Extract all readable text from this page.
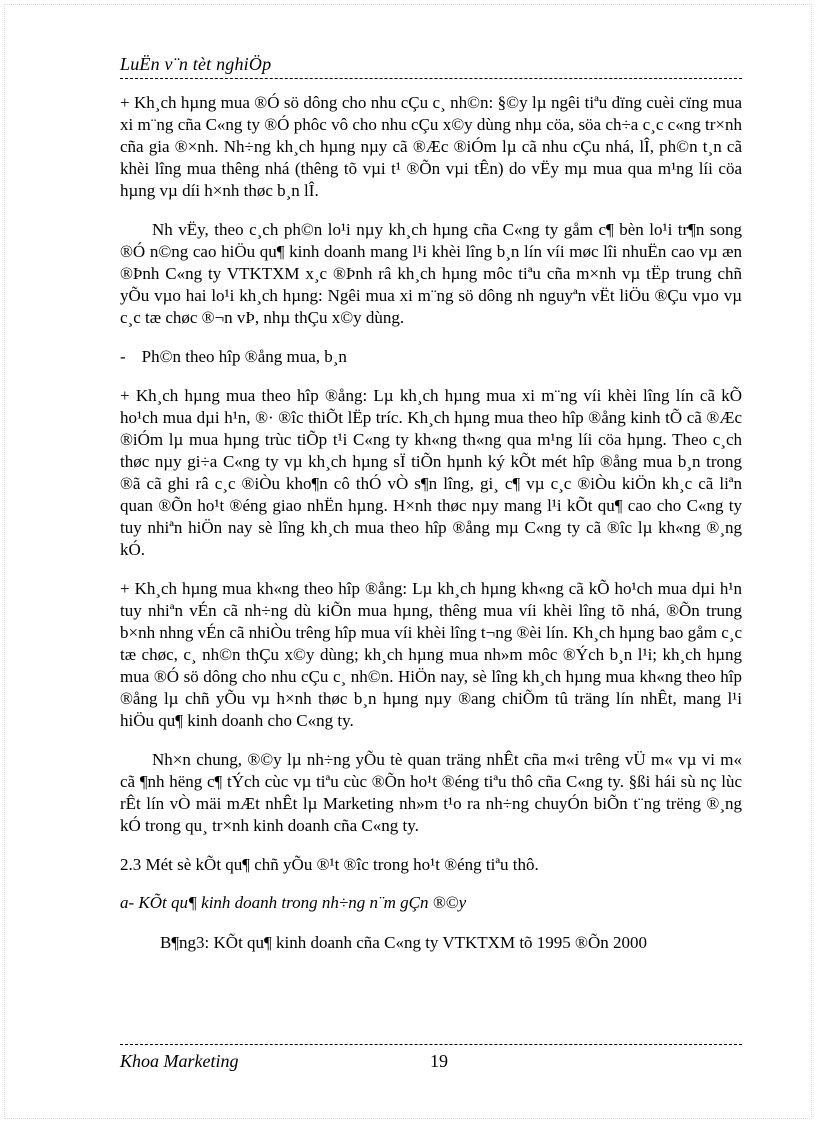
LuËn v¨n tèt nghiÖp

+ Kh¸ch hµng mua ®Ó sö dông cho nhu cÇu c¸ nh©n: §©y lµ ngêi tiªu dïng cuèi cïng mua xi m¨ng cña C«ng ty ®Ó phôc vô cho nhu cÇu x©y dùng nhµ cöa, söa ch÷a c¸c c«ng tr×nh cña gia ®×nh. Nh÷ng kh¸ch hµng nµy cã ®Æc ®iÓm lµ cã nhu cÇu nhá, lÎ, ph©n t¸n cã khèi lîng mua thêng nhá (thêng tõ vµi t¹ ®Õn vµi tÊn) do vËy mµ mua qua m¹ng líi cöa hµng vµ díi h×nh thøc b¸n lÎ.

Nh vËy, theo c¸ch ph©n lo¹i nµy kh¸ch hµng cña C«ng ty gåm c¶ bèn lo¹i tr¶n song ®Ó n©ng cao hiÖu qu¶ kinh doanh mang l¹i khèi lîng b¸n lín víi møc lîi nhuËn cao vµ æn ®Þnh C«ng ty VTKTXM x¸c ®Þnh râ kh¸ch hµng môc tiªu cña m×nh vµ tËp trung chñ yÕu vµo hai lo¹i kh¸ch hµng: Ngêi mua xi m¨ng sö dông nh nguyªn vËt liÖu ®Çu vµo vµ c¸c tæ chøc ®¬n vÞ, nhµ thÇu x©y dùng.

- Ph©n theo hîp ®ång mua, b¸n

+ Kh¸ch hµng mua theo hîp ®ång: Lµ kh¸ch hµng mua xi m¨ng víi khèi lîng lín cã kÕ ho¹ch mua dµi h¹n, ®· ®îc thiÕt lËp tríc. Kh¸ch hµng mua theo hîp ®ång kinh tÕ cã ®Æc ®iÓm lµ mua hµng trùc tiÕp t¹i C«ng ty kh«ng th«ng qua m¹ng líi cöa hµng. Theo c¸ch thøc nµy gi÷a C«ng ty vµ kh¸ch hµng sÏ tiÕn hµnh ký kÕt mét hîp ®ång mua b¸n trong ®ã cã ghi râ c¸c ®iÒu kho¶n cô thÓ vÒ s¶n lîng, gi¸ c¶ vµ c¸c ®iÒu kiÖn kh¸c cã liªn quan ®Õn ho¹t ®éng giao nhËn hµng. H×nh thøc nµy mang l¹i kÕt qu¶ cao cho C«ng ty tuy nhiªn hiÖn nay sè lîng kh¸ch mua theo hîp ®ång mµ C«ng ty cã ®îc lµ kh«ng ®¸ng kÓ.

+ Kh¸ch hµng mua kh«ng theo hîp ®ång: Lµ kh¸ch hµng kh«ng cã kÕ ho¹ch mua dµi h¹n tuy nhiªn vÉn cã nh÷ng dù kiÕn mua hµng, thêng mua víi khèi lîng tõ nhá, ®Õn trung b×nh nhng vÉn cã nhiÒu trêng hîp mua víi khèi lîng t¬ng ®èi lín. Kh¸ch hµng bao gåm c¸c tæ chøc, c¸ nh©n thÇu x©y dùng; kh¸ch hµng mua nh»m môc ®Ých b¸n l¹i; kh¸ch hµng mua ®Ó sö dông cho nhu cÇu c¸ nh©n. HiÖn nay, sè lîng kh¸ch hµng mua kh«ng theo hîp ®ång lµ chñ yÕu vµ h×nh thøc b¸n hµng nµy ®ang chiÕm tû träng lín nhÊt, mang l¹i hiÖu qu¶ kinh doanh cho C«ng ty.

Nh×n chung, ®©y lµ nh÷ng yÕu tè quan träng nhÊt cña m«i trêng vÜ m« vµ vi m« cã ¶nh hëng c¶ tÝch cùc vµ tiªu cùc ®Õn ho¹t ®éng tiªu thô cña C«ng ty. §ßi hái sù nç lùc rÊt lín vÒ mäi mÆt nhÊt lµ Marketing nh»m t¹o ra nh÷ng chuyÓn biÕn t¨ng trëng ®¸ng kÓ trong qu¸ tr×nh kinh doanh cña C«ng ty.

2.3 Mét sè kÕt qu¶ chñ yÕu ®¹t ®îc trong ho¹t ®éng tiªu thô.

a- KÕt qu¶ kinh doanh trong nh÷ng n¨m gÇn ®©y

B¶ng3: KÕt qu¶ kinh doanh cña C«ng ty VTKTXM tõ 1995 ®Õn 2000

Khoa Marketing	19
